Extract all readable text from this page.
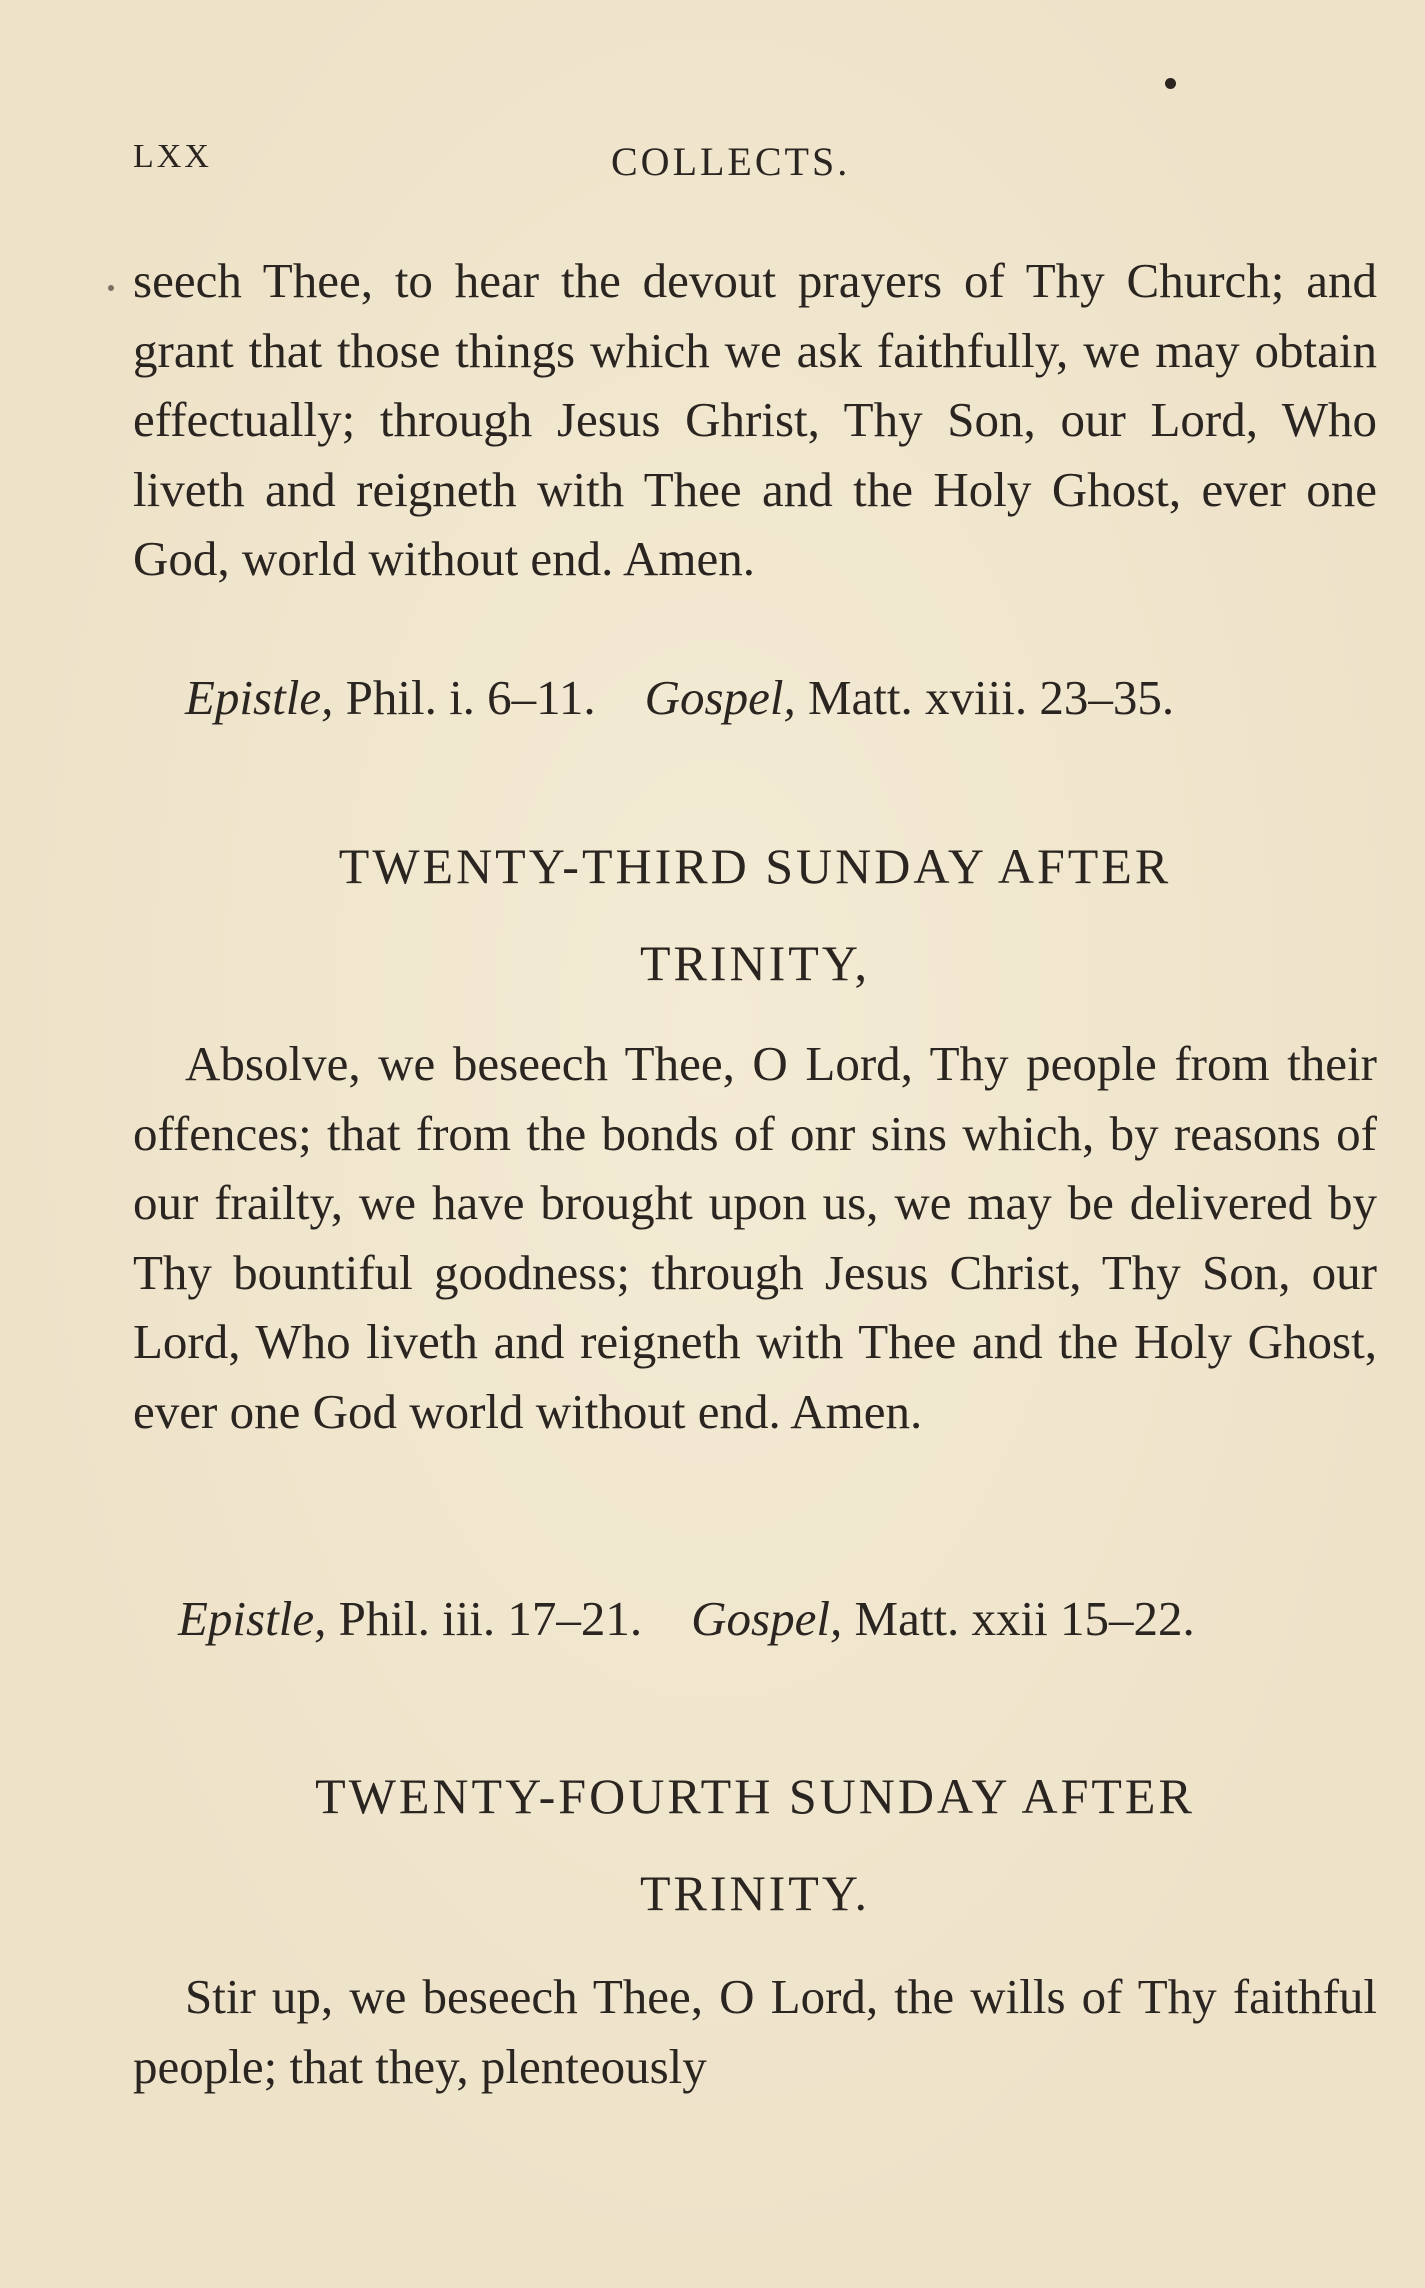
LXX	COLLECTS.

seech Thee, to hear the devout prayers of Thy Church; and grant that those things which we ask faithfully, we may obtain effectually; through Jesus Ghrist, Thy Son, our Lord, Who liveth and reigneth with Thee and the Holy Ghost, ever one God, world without end. Amen.

Epistle, Phil. i. 6–11. Gospel, Matt. xviii. 23–35.

TWENTY-THIRD SUNDAY AFTER
TRINITY,

Absolve, we beseech Thee, O Lord, Thy people from their offences; that from the bonds of onr sins which, by reasons of our frailty, we have brought upon us, we may be delivered by Thy bountiful goodness; through Jesus Christ, Thy Son, our Lord, Who liveth and reigneth with Thee and the Holy Ghost, ever one God world without end. Amen.

Epistle, Phil. iii. 17–21. Gospel, Matt. xxii 15–22.

TWENTY-FOURTH SUNDAY AFTER
TRINITY.

Stir up, we beseech Thee, O Lord, the wills of Thy faithful people; that they, plenteously
